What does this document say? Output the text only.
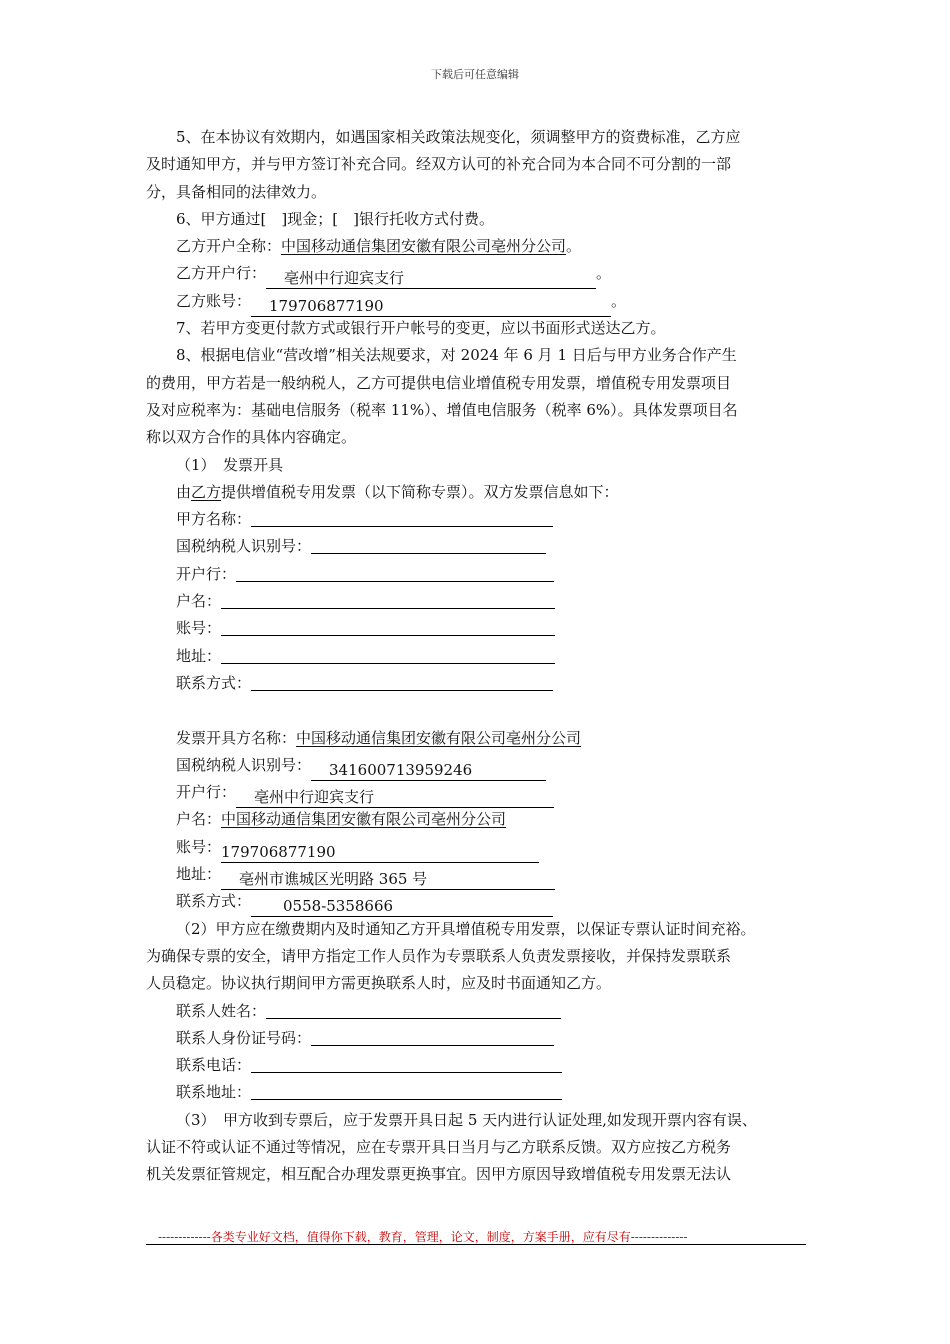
下载后可任意编辑
5、在本协议有效期内，如遇国家相关政策法规变化，须调整甲方的资费标准，乙方应
及时通知甲方，并与甲方签订补充合同。经双方认可的补充合同为本合同不可分割的一部
分，具备相同的法律效力。
6、甲方通过[　]现金；[　]银行托收方式付费。
乙方开户全称：中国移动通信集团安徽有限公司亳州分公司。
乙方开户行： 亳州中行迎宾支行	。
乙方账号： 179706877190	。
7、若甲方变更付款方式或银行开户帐号的变更，应以书面形式送达乙方。
8、根据电信业“营改增”相关法规要求，对 2024 年 6 月 1 日后与甲方业务合作产生
的费用，甲方若是一般纳税人，乙方可提供电信业增值税专用发票，增值税专用发票项目
及对应税率为：基础电信服务（税率 11%）、增值电信服务（税率 6%）。具体发票项目名
称以双方合作的具体内容确定。
（1）　发票开具
由乙方提供增值税专用发票（以下简称专票）。双方发票信息如下：
甲方名称：
国税纳税人识别号：
开户行：
户名：
账号：
地址：
联系方式：
发票开具方名称：中国移动通信集团安徽有限公司亳州分公司
国税纳税人识别号： 341600713959246
开户行： 亳州中行迎宾支行
户名：中国移动通信集团安徽有限公司亳州分公司
账号：179706877190
地址： 亳州市谯城区光明路 365 号
联系方式： 0558-5358666
（2）甲方应在缴费期内及时通知乙方开具增值税专用发票，以保证专票认证时间充裕。
为确保专票的安全，请甲方指定工作人员作为专票联系人负责发票接收，并保持发票联系
人员稳定。协议执行期间甲方需更换联系人时，应及时书面通知乙方。
联系人姓名：
联系人身份证号码：
联系电话：
联系地址：
（3）　甲方收到专票后，应于发票开具日起 5 天内进行认证处理,如发现开票内容有误、
认证不符或认证不通过等情况，应在专票开具日当月与乙方联系反馈。双方应按乙方税务
机关发票征管规定，相互配合办理发票更换事宜。因甲方原因导致增值税专用发票无法认
-------------各类专业好文档，值得你下载，教育，管理，论文，制度，方案手册，应有尽有--------------
